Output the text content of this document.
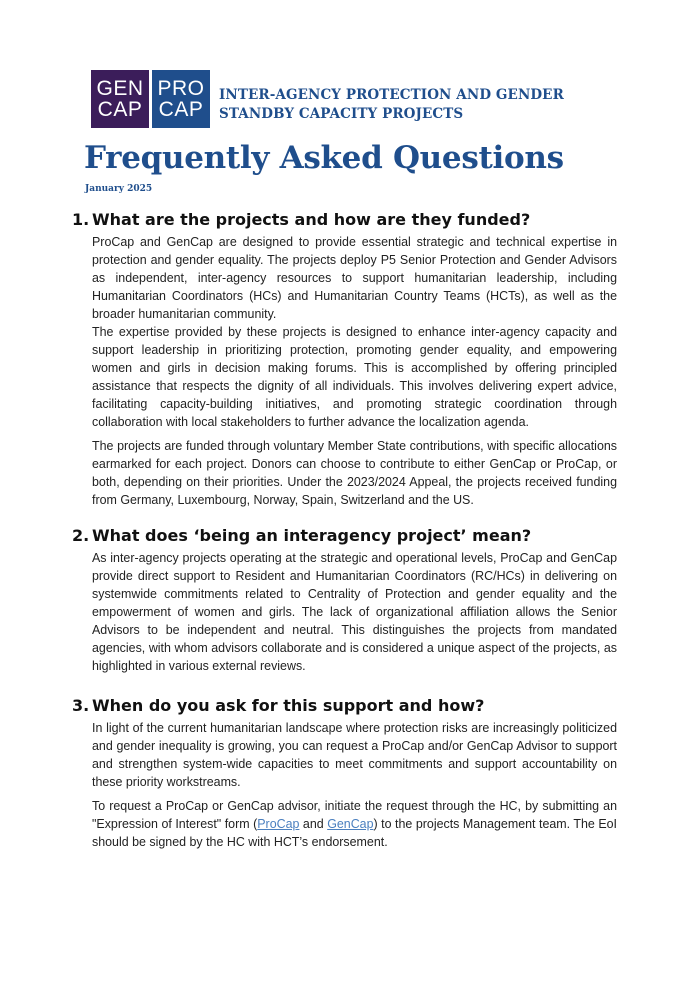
GEN
CAP
PRO
CAP
INTER-AGENCY PROTECTION AND GENDER
STANDBY CAPACITY PROJECTS
Frequently Asked Questions
January 2025
1. What are the projects and how are they funded?

ProCap and GenCap are designed to provide essential strategic and technical expertise in protection and gender equality. The projects deploy P5 Senior Protection and Gender Advisors as independent, inter-agency resources to support humanitarian leadership, including Humanitarian Coordinators (HCs) and Humanitarian Country Teams (HCTs), as well as the broader humanitarian community.

The expertise provided by these projects is designed to enhance inter-agency capacity and support leadership in prioritizing protection, promoting gender equality, and empowering women and girls in decision making forums. This is accomplished by offering principled assistance that respects the dignity of all individuals. This involves delivering expert advice, facilitating capacity-building initiatives, and promoting strategic coordination through collaboration with local stakeholders to further advance the localization agenda.

The projects are funded through voluntary Member State contributions, with specific allocations earmarked for each project. Donors can choose to contribute to either GenCap or ProCap, or both, depending on their priorities. Under the 2023/2024 Appeal, the projects received funding from Germany, Luxembourg, Norway, Spain, Switzerland and the US.

2. What does ‘being an interagency project’ mean?

As inter-agency projects operating at the strategic and operational levels, ProCap and GenCap provide direct support to Resident and Humanitarian Coordinators (RC/HCs) in delivering on systemwide commitments related to Centrality of Protection and gender equality and the empowerment of women and girls. The lack of organizational affiliation allows the Senior Advisors to be independent and neutral. This distinguishes the projects from mandated agencies, with whom advisors collaborate and is considered a unique aspect of the projects, as highlighted in various external reviews.

3. When do you ask for this support and how?

In light of the current humanitarian landscape where protection risks are increasingly politicized and gender inequality is growing, you can request a ProCap and/or GenCap Advisor to support and strengthen system-wide capacities to meet commitments and support accountability on these priority workstreams.

To request a ProCap or GenCap advisor, initiate the request through the HC, by submitting an "Expression of Interest" form (ProCap and GenCap) to the projects Management team. The EoI should be signed by the HC with HCT’s endorsement.
